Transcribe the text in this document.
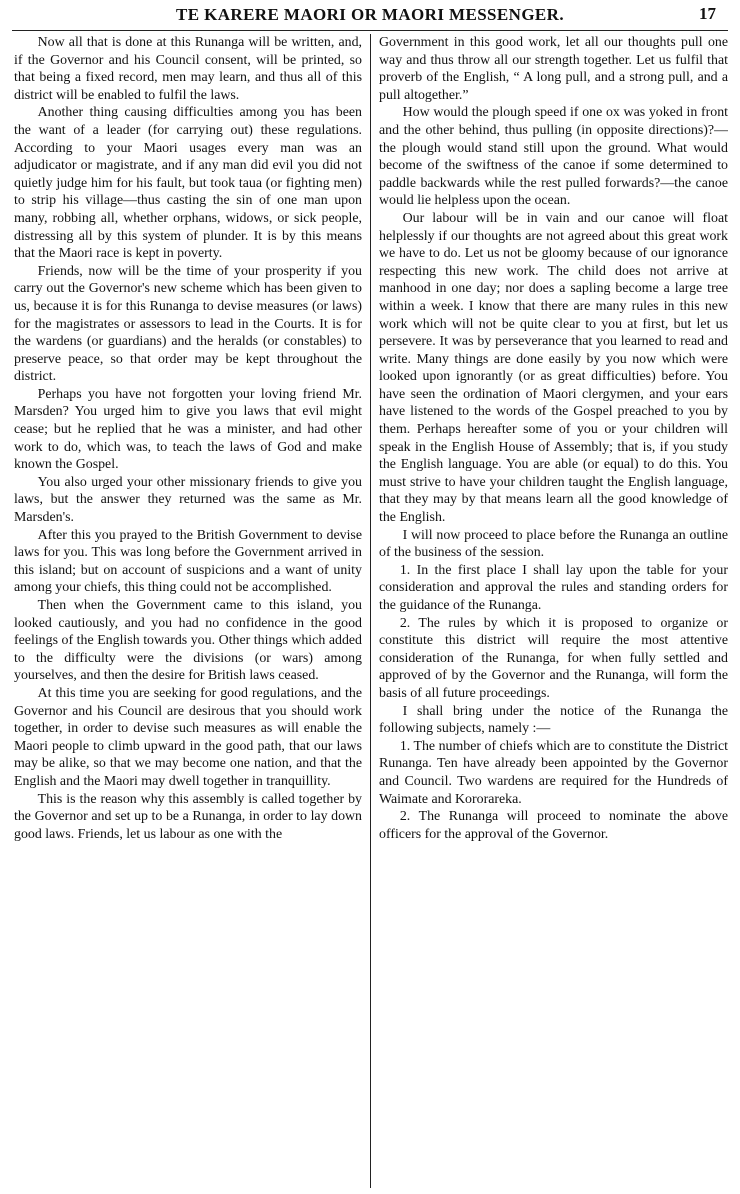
TE KARERE MAORI OR MAORI MESSENGER.	17

Now all that is done at this Runanga will be written, and, if the Governor and his Council consent, will be printed, so that being a fixed record, men may learn, and thus all of this district will be enabled to fulfil the laws.

Another thing causing difficulties among you has been the want of a leader (for carrying out) these regulations. According to your Maori usages every man was an adjudicator or magistrate, and if any man did evil you did not quietly judge him for his fault, but took taua (or fighting men) to strip his village—thus casting the sin of one man upon many, robbing all, whether orphans, widows, or sick people, distressing all by this system of plunder. It is by this means that the Maori race is kept in poverty.

Friends, now will be the time of your prosperity if you carry out the Governor's new scheme which has been given to us, because it is for this Runanga to devise measures (or laws) for the magistrates or assessors to lead in the Courts. It is for the wardens (or guardians) and the heralds (or constables) to preserve peace, so that order may be kept throughout the district.

Perhaps you have not forgotten your loving friend Mr. Marsden? You urged him to give you laws that evil might cease; but he replied that he was a minister, and had other work to do, which was, to teach the laws of God and make known the Gospel.

You also urged your other missionary friends to give you laws, but the answer they returned was the same as Mr. Marsden's.

After this you prayed to the British Government to devise laws for you. This was long before the Government arrived in this island; but on account of suspicions and a want of unity among your chiefs, this thing could not be accomplished.

Then when the Government came to this island, you looked cautiously, and you had no confidence in the good feelings of the English towards you. Other things which added to the difficulty were the divisions (or wars) among yourselves, and then the desire for British laws ceased.

At this time you are seeking for good regulations, and the Governor and his Council are desirous that you should work together, in order to devise such measures as will enable the Maori people to climb upward in the good path, that our laws may be alike, so that we may become one nation, and that the English and the Maori may dwell together in tranquillity.

This is the reason why this assembly is called together by the Governor and set up to be a Runanga, in order to lay down good laws. Friends, let us labour as one with the

Government in this good work, let all our thoughts pull one way and thus throw all our strength together. Let us fulfil that proverb of the English, “ A long pull, and a strong pull, and a pull altogether.”

How would the plough speed if one ox was yoked in front and the other behind, thus pulling (in opposite directions)?—the plough would stand still upon the ground. What would become of the swiftness of the canoe if some determined to paddle backwards while the rest pulled forwards?—the canoe would lie helpless upon the ocean.

Our labour will be in vain and our canoe will float helplessly if our thoughts are not agreed about this great work we have to do. Let us not be gloomy because of our ignorance respecting this new work. The child does not arrive at manhood in one day; nor does a sapling become a large tree within a week. I know that there are many rules in this new work which will not be quite clear to you at first, but let us persevere. It was by perseverance that you learned to read and write. Many things are done easily by you now which were looked upon ignorantly (or as great difficulties) before. You have seen the ordination of Maori clergymen, and your ears have listened to the words of the Gospel preached to you by them. Perhaps hereafter some of you or your children will speak in the English House of Assembly; that is, if you study the English language. You are able (or equal) to do this. You must strive to have your children taught the English language, that they may by that means learn all the good knowledge of the English.

I will now proceed to place before the Runanga an outline of the business of the session.

1. In the first place I shall lay upon the table for your consideration and approval the rules and standing orders for the guidance of the Runanga.

2. The rules by which it is proposed to organize or constitute this district will require the most attentive consideration of the Runanga, for when fully settled and approved of by the Governor and the Runanga, will form the basis of all future proceedings.

I shall bring under the notice of the Runanga the following subjects, namely :—

1. The number of chiefs which are to constitute the District Runanga. Ten have already been appointed by the Governor and Council. Two wardens are required for the Hundreds of Waimate and Kororareka.

2. The Runanga will proceed to nominate the above officers for the approval of the Governor.
